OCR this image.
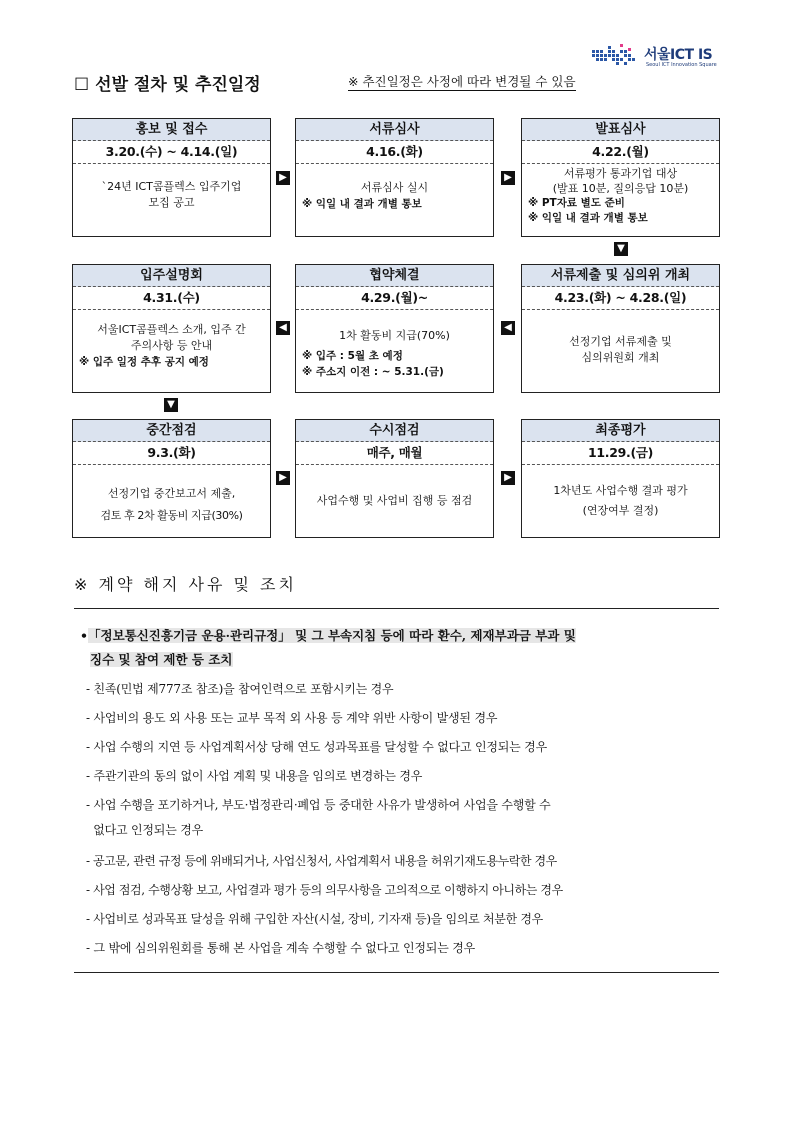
서울ICT IS
Seoul ICT Innovation Square
☐ 선발 절차 및 추진일정	※ 추진일정은 사정에 따라 변경될 수 있음
홍보 및 접수
3.20.(수) ~ 4.14.(일)
`24년 ICT콤플렉스 입주기업
모집 공고
▶
서류심사
4.16.(화)
서류심사 실시
※ 익일 내 결과 개별 통보
▶
발표심사
4.22.(월)
서류평가 통과기업 대상
(발표 10분, 질의응답 10분)
※ PT자료 별도 준비
※ 익일 내 결과 개별 통보
▼
입주설명회
4.31.(수)
서울ICT콤플렉스 소개, 입주 간
주의사항 등 안내
※ 입주 일정 추후 공지 예정
◀
협약체결
4.29.(월)~
1차 활동비 지급(70%)
※ 입주 : 5월 초 예정
※ 주소지 이전 : ~ 5.31.(금)
◀
서류제출 및 심의위 개최
4.23.(화) ~ 4.28.(일)
선정기업 서류제출 및
심의위원회 개최
▼
중간점검
9.3.(화)
선정기업 중간보고서 제출,
검토 후 2차 활동비 지급(30%)
▶
수시점검
매주, 매월
사업수행 및 사업비 집행 등 점검
▶
최종평가
11.29.(금)
1차년도 사업수행 결과 평가
(연장여부 결정)
※ 계약 해지 사유 및 조치
•「정보통신진흥기금 운용·관리규정」 및 그 부속지침 등에 따라 환수, 제재부과금 부과 및
징수 및 참여 제한 등 조치
- 친족(민법 제777조 참조)을 참여인력으로 포함시키는 경우
- 사업비의 용도 외 사용 또는 교부 목적 외 사용 등 계약 위반 사항이 발생된 경우
- 사업 수행의 지연 등 사업계획서상 당해 연도 성과목표를 달성할 수 없다고 인정되는 경우
- 주관기관의 동의 없이 사업 계획 및 내용을 임의로 변경하는 경우
- 사업 수행을 포기하거나, 부도·법정관리·폐업 등 중대한 사유가 발생하여 사업을 수행할 수
없다고 인정되는 경우
- 공고문, 관련 규정 등에 위배되거나, 사업신청서, 사업계획서 내용을 허위기재도용누락한 경우
- 사업 점검, 수행상황 보고, 사업결과 평가 등의 의무사항을 고의적으로 이행하지 아니하는 경우
- 사업비로 성과목표 달성을 위해 구입한 자산(시설, 장비, 기자재 등)을 임의로 처분한 경우
- 그 밖에 심의위원회를 통해 본 사업을 계속 수행할 수 없다고 인정되는 경우
